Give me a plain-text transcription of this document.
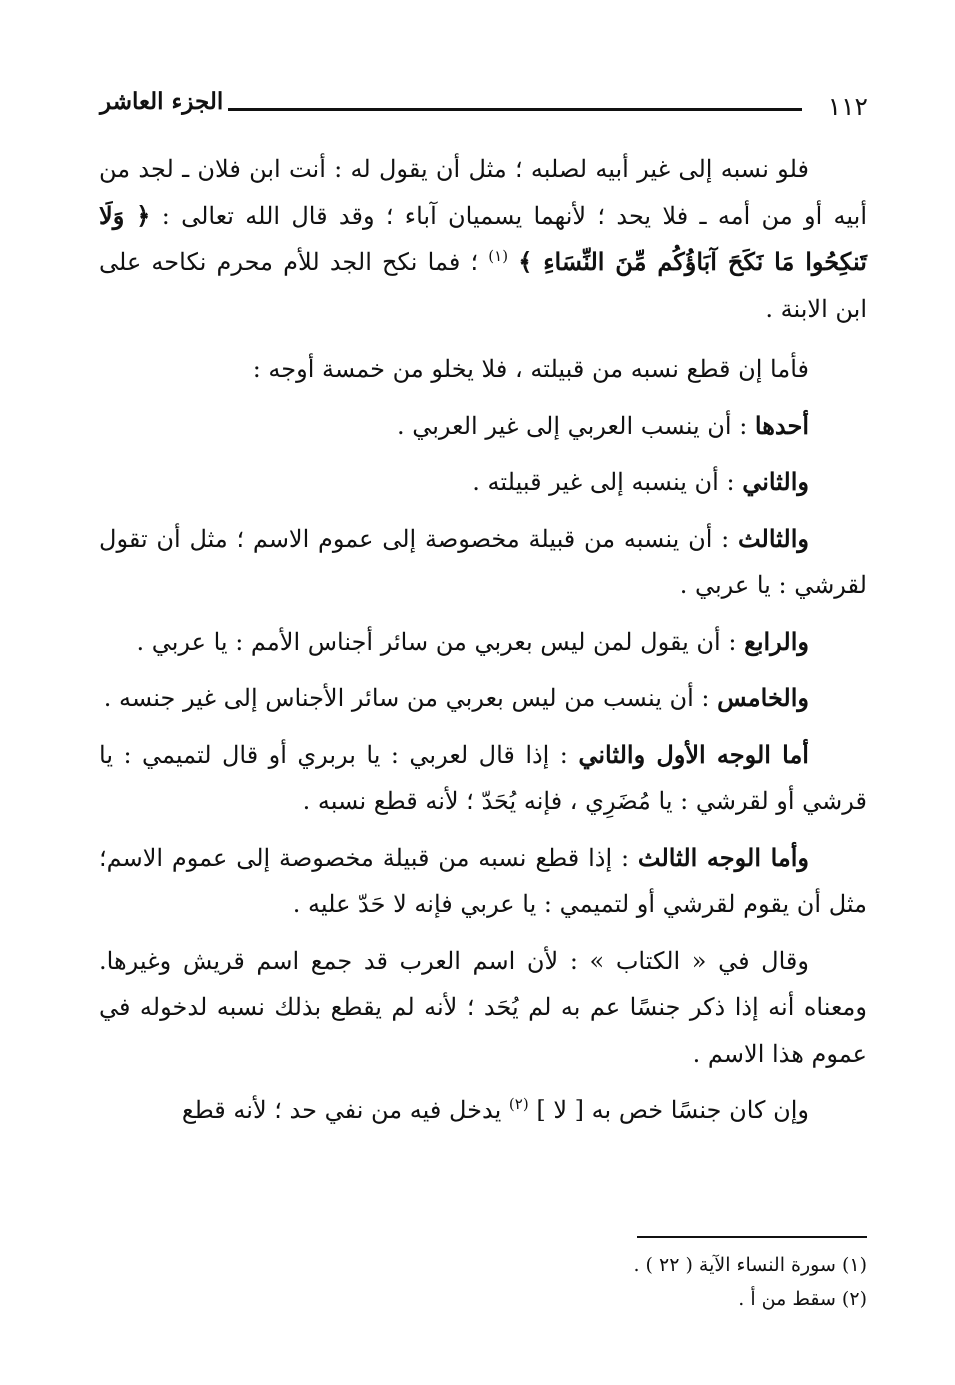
١١٢
الجزء العاشر

فلو نسبه إلى غير أبيه لصلبه ؛ مثل أن يقول له : أنت ابن فلان ـ لجد من أبيه أو من أمه ـ فلا يحد ؛ لأنهما يسميان آباء ؛ وقد قال الله تعالى : ﴿ وَلَا تَنكِحُوا مَا نَكَحَ آبَاؤُكُم مِّنَ النِّسَاءِ ﴾ $^{(١)}$ ؛ فما نكح الجد للأم محرم نكاحه على ابن الابنة .

فأما إن قطع نسبه من قبيلته ، فلا يخلو من خمسة أوجه :

أحدها : أن ينسب العربي إلى غير العربي .

والثاني : أن ينسبه إلى غير قبيلته .

والثالث : أن ينسبه من قبيلة مخصوصة إلى عموم الاسم ؛ مثل أن تقول لقرشي : يا عربي .

والرابع : أن يقول لمن ليس بعربي من سائر أجناس الأمم : يا عربي .

والخامس : أن ينسب من ليس بعربي من سائر الأجناس إلى غير جنسه .

أما الوجه الأول والثاني : إذا قال لعربي : يا بربري أو قال لتميمي : يا قرشي أو لقرشي : يا مُضَرِي ، فإنه يُحَدّ ؛ لأنه قطع نسبه .

وأما الوجه الثالث : إذا قطع نسبه من قبيلة مخصوصة إلى عموم الاسم؛ مثل أن يقوم لقرشي أو لتميمي : يا عربي فإنه لا حَدّ عليه .

وقال في « الكتاب » : لأن اسم العرب قد جمع اسم قريش وغيرها. ومعناه أنه إذا ذكر جنسًا عم به لم يُحَد ؛ لأنه لم يقطع بذلك نسبه لدخوله في عموم هذا الاسم .

وإن كان جنسًا خص به [ لا ] $^{(٢)}$ يدخل فيه من نفي حد ؛ لأنه قطع

(١) سورة النساء الآية ( ٢٢ ) .
(٢) سقط من أ .
